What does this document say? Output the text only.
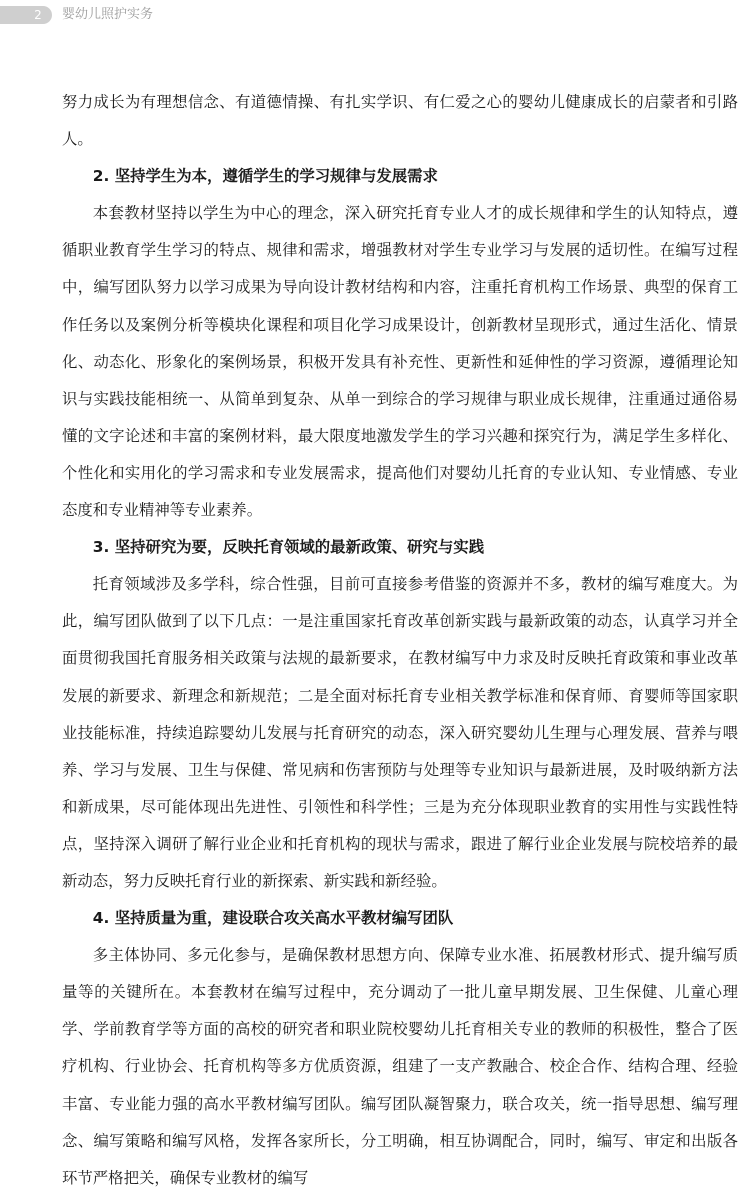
2	婴幼儿照护实务

努力成长为有理想信念、有道德情操、有扎实学识、有仁爱之心的婴幼儿健康成长的启蒙者和引路人。

2. 坚持学生为本，遵循学生的学习规律与发展需求

本套教材坚持以学生为中心的理念，深入研究托育专业人才的成长规律和学生的认知特点，遵循职业教育学生学习的特点、规律和需求，增强教材对学生专业学习与发展的适切性。在编写过程中，编写团队努力以学习成果为导向设计教材结构和内容，注重托育机构工作场景、典型的保育工作任务以及案例分析等模块化课程和项目化学习成果设计，创新教材呈现形式，通过生活化、情景化、动态化、形象化的案例场景，积极开发具有补充性、更新性和延伸性的学习资源，遵循理论知识与实践技能相统一、从简单到复杂、从单一到综合的学习规律与职业成长规律，注重通过通俗易懂的文字论述和丰富的案例材料，最大限度地激发学生的学习兴趣和探究行为，满足学生多样化、个性化和实用化的学习需求和专业发展需求，提高他们对婴幼儿托育的专业认知、专业情感、专业态度和专业精神等专业素养。

3. 坚持研究为要，反映托育领域的最新政策、研究与实践

托育领域涉及多学科，综合性强，目前可直接参考借鉴的资源并不多，教材的编写难度大。为此，编写团队做到了以下几点：一是注重国家托育改革创新实践与最新政策的动态，认真学习并全面贯彻我国托育服务相关政策与法规的最新要求，在教材编写中力求及时反映托育政策和事业改革发展的新要求、新理念和新规范；二是全面对标托育专业相关教学标准和保育师、育婴师等国家职业技能标准，持续追踪婴幼儿发展与托育研究的动态，深入研究婴幼儿生理与心理发展、营养与喂养、学习与发展、卫生与保健、常见病和伤害预防与处理等专业知识与最新进展，及时吸纳新方法和新成果，尽可能体现出先进性、引领性和科学性；三是为充分体现职业教育的实用性与实践性特点，坚持深入调研了解行业企业和托育机构的现状与需求，跟进了解行业企业发展与院校培养的最新动态，努力反映托育行业的新探索、新实践和新经验。

4. 坚持质量为重，建设联合攻关高水平教材编写团队

多主体协同、多元化参与，是确保教材思想方向、保障专业水准、拓展教材形式、提升编写质量等的关键所在。本套教材在编写过程中，充分调动了一批儿童早期发展、卫生保健、儿童心理学、学前教育学等方面的高校的研究者和职业院校婴幼儿托育相关专业的教师的积极性，整合了医疗机构、行业协会、托育机构等多方优质资源，组建了一支产教融合、校企合作、结构合理、经验丰富、专业能力强的高水平教材编写团队。编写团队凝智聚力，联合攻关，统一指导思想、编写理念、编写策略和编写风格，发挥各家所长，分工明确，相互协调配合，同时，编写、审定和出版各环节严格把关，确保专业教材的编写
